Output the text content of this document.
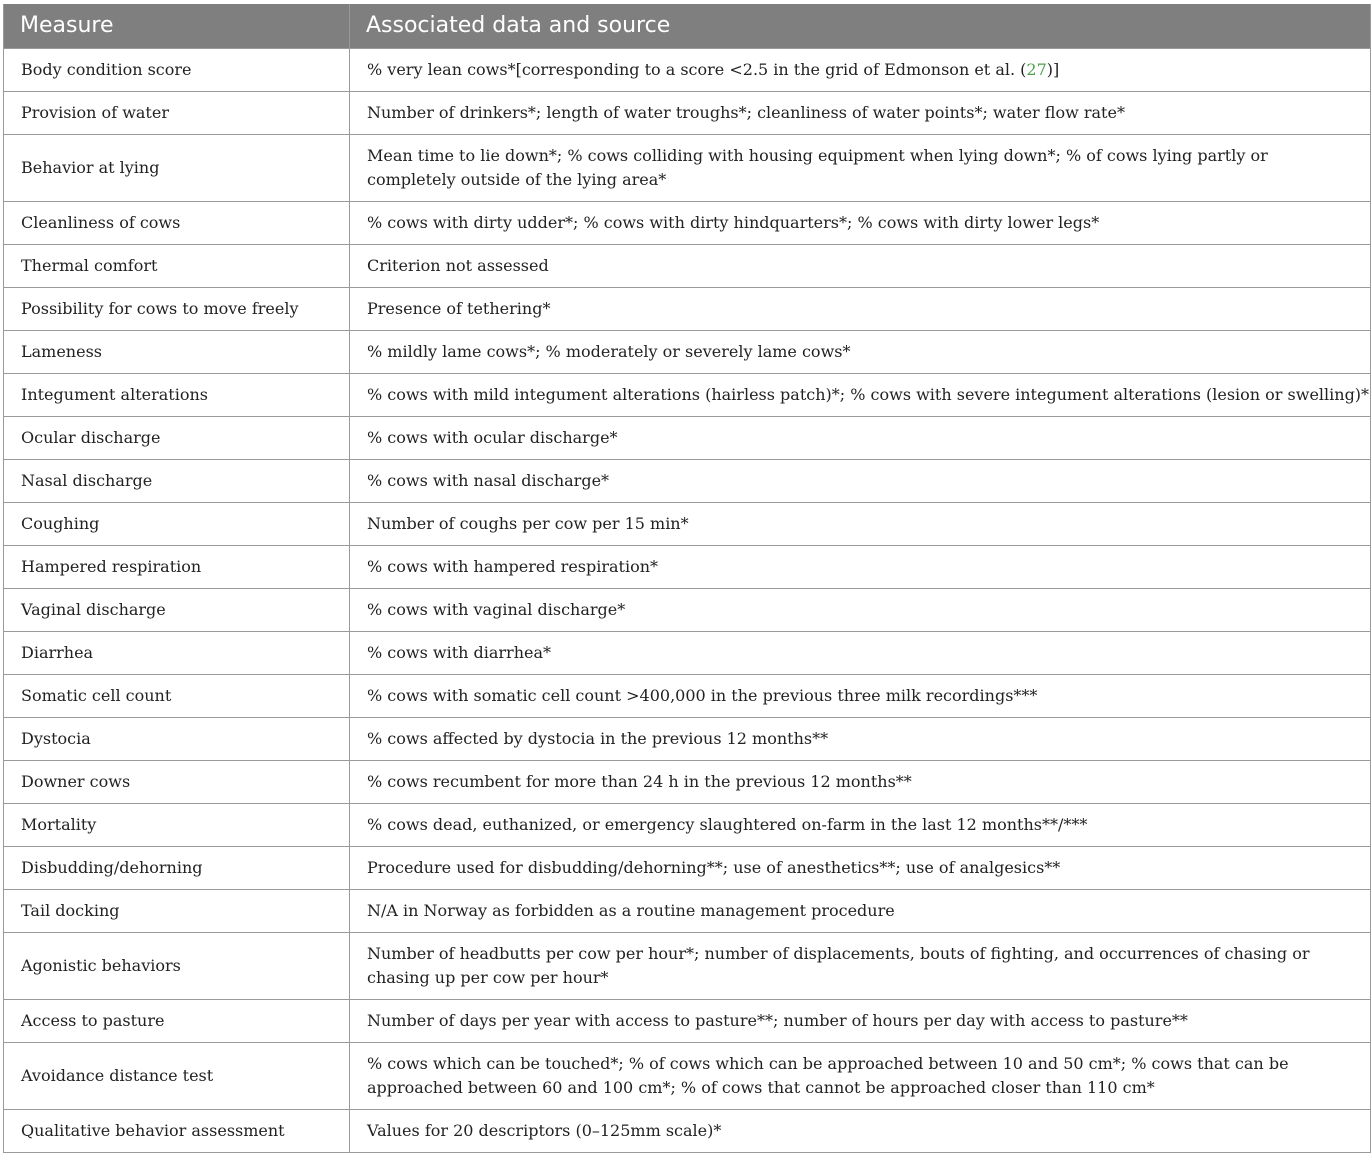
Measure	Associated data and source
Body condition score	% very lean cows*[corresponding to a score <2.5 in the grid of Edmonson et al. (27)]
Provision of water	Number of drinkers*; length of water troughs*; cleanliness of water points*; water flow rate*
Behavior at lying	Mean time to lie down*; % cows colliding with housing equipment when lying down*; % of cows lying partly or
completely outside of the lying area*

Cleanliness of cows	% cows with dirty udder*; % cows with dirty hindquarters*; % cows with dirty lower legs*
Thermal comfort	Criterion not assessed
Possibility for cows to move freely	Presence of tethering*
Lameness	% mildly lame cows*; % moderately or severely lame cows*
Integument alterations	% cows with mild integument alterations (hairless patch)*; % cows with severe integument alterations (lesion or swelling)*
Ocular discharge	% cows with ocular discharge*
Nasal discharge	% cows with nasal discharge*
Coughing	Number of coughs per cow per 15 min*
Hampered respiration	% cows with hampered respiration*
Vaginal discharge	% cows with vaginal discharge*
Diarrhea	% cows with diarrhea*
Somatic cell count	% cows with somatic cell count >400,000 in the previous three milk recordings***
Dystocia	% cows affected by dystocia in the previous 12 months**
Downer cows	% cows recumbent for more than 24 h in the previous 12 months**
Mortality	% cows dead, euthanized, or emergency slaughtered on-farm in the last 12 months**/***
Disbudding/dehorning	Procedure used for disbudding/dehorning**; use of anesthetics**; use of analgesics**
Tail docking	N/A in Norway as forbidden as a routine management procedure
Agonistic behaviors	Number of headbutts per cow per hour*; number of displacements, bouts of fighting, and occurrences of chasing or
chasing up per cow per hour*

Access to pasture	Number of days per year with access to pasture**; number of hours per day with access to pasture**
Avoidance distance test	% cows which can be touched*; % of cows which can be approached between 10 and 50 cm*; % cows that can be
approached between 60 and 100 cm*; % of cows that cannot be approached closer than 110 cm*

Qualitative behavior assessment	Values for 20 descriptors (0–125mm scale)*
